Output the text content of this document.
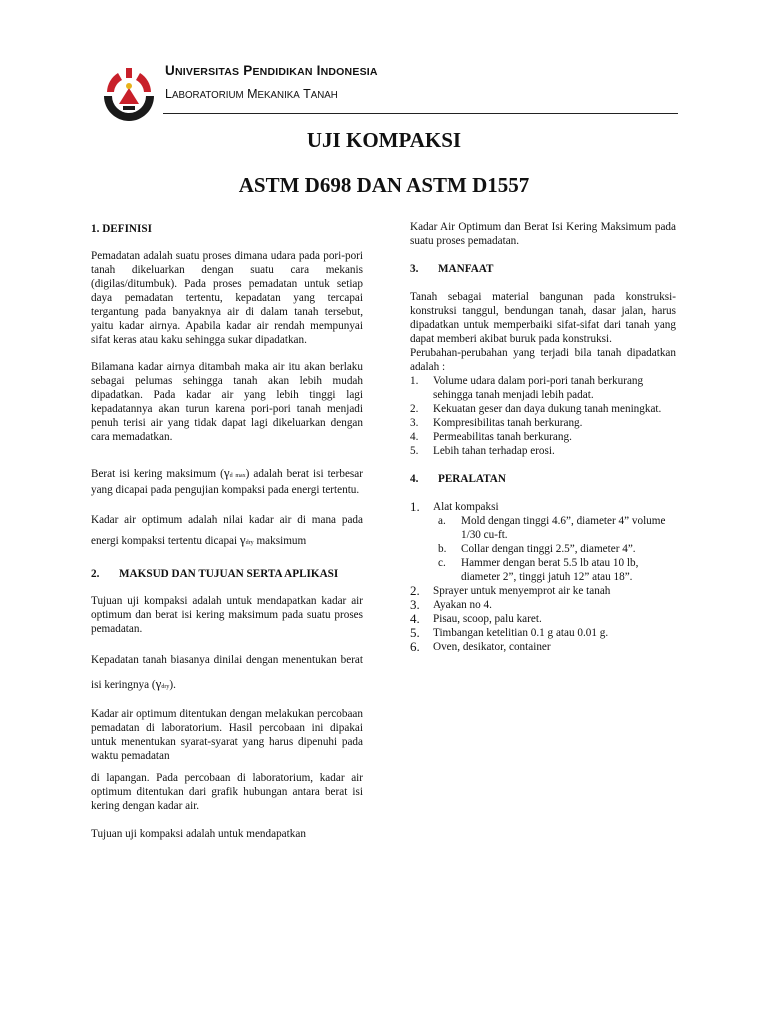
UNIVERSITAS PENDIDIKAN INDONESIA
LABORATORIUM MEKANIKA TANAH
UJI KOMPAKSI
ASTM D698 DAN ASTM D1557

1. DEFINISI

Pemadatan adalah suatu proses dimana udara pada pori-pori tanah dikeluarkan dengan suatu cara mekanis (digilas/ditumbuk). Pada proses pemadatan untuk setiap daya pemadatan tertentu, kepadatan yang tercapai tergantung pada banyaknya air di dalam tanah tersebut, yaitu kadar airnya. Apabila kadar air rendah mempunyai sifat keras atau kaku sehingga sukar dipadatkan.

Bilamana kadar airnya ditambah maka air itu akan berlaku sebagai pelumas sehingga tanah akan lebih mudah dipadatkan. Pada kadar air yang lebih tinggi lagi kepadatannya akan turun karena pori-pori tanah menjadi penuh terisi air yang tidak dapat lagi dikeluarkan dengan cara memadatkan.

Berat isi kering maksimum (γd max) adalah berat isi terbesar yang dicapai pada pengujian kompaksi pada energi tertentu.

Kadar air optimum adalah nilai kadar air di mana pada energi kompaksi tertentu dicapai γdry maksimum

2.	MAKSUD DAN TUJUAN SERTA APLIKASI

Tujuan uji kompaksi adalah untuk mendapatkan kadar air optimum dan berat isi kering maksimum pada suatu proses pemadatan.

Kepadatan tanah biasanya dinilai dengan menentukan berat isi keringnya (γdry).

Kadar air optimum ditentukan dengan melakukan percobaan pemadatan di laboratorium. Hasil percobaan ini dipakai untuk menentukan syarat-syarat yang harus dipenuhi pada waktu pemadatan

di lapangan. Pada percobaan di laboratorium, kadar air optimum ditentukan dari grafik hubungan antara berat isi kering dengan kadar air.

Tujuan uji kompaksi adalah untuk mendapatkan

Kadar Air Optimum dan Berat Isi Kering Maksimum pada suatu proses pemadatan.

3.	MANFAAT

Tanah sebagai material bangunan pada konstruksi-konstruksi tanggul, bendungan tanah, dasar jalan, harus dipadatkan untuk memperbaiki sifat-sifat dari tanah yang dapat memberi akibat buruk pada konstruksi.

Perubahan-perubahan yang terjadi bila tanah dipadatkan adalah :

1.	Volume udara dalam pori-pori tanah berkurang sehingga tanah menjadi lebih padat.
2.	Kekuatan geser dan daya dukung tanah meningkat.
3.	Kompresibilitas tanah berkurang.
4.	Permeabilitas tanah berkurang.
5.	Lebih tahan terhadap erosi.
4.	PERALATAN
1.	Alat kompaksi
a.	Mold dengan tinggi 4.6”, diameter 4” volume 1/30 cu-ft.
b.	Collar dengan tinggi 2.5”, diameter 4”.
c.	Hammer dengan berat 5.5 lb atau 10 lb, diameter 2”, tinggi jatuh 12” atau 18”.
2.	Sprayer untuk menyemprot air ke tanah
3.	Ayakan no 4.
4.	Pisau, scoop, palu karet.
5.	Timbangan ketelitian 0.1 g atau 0.01 g.
6.	Oven, desikator, container
